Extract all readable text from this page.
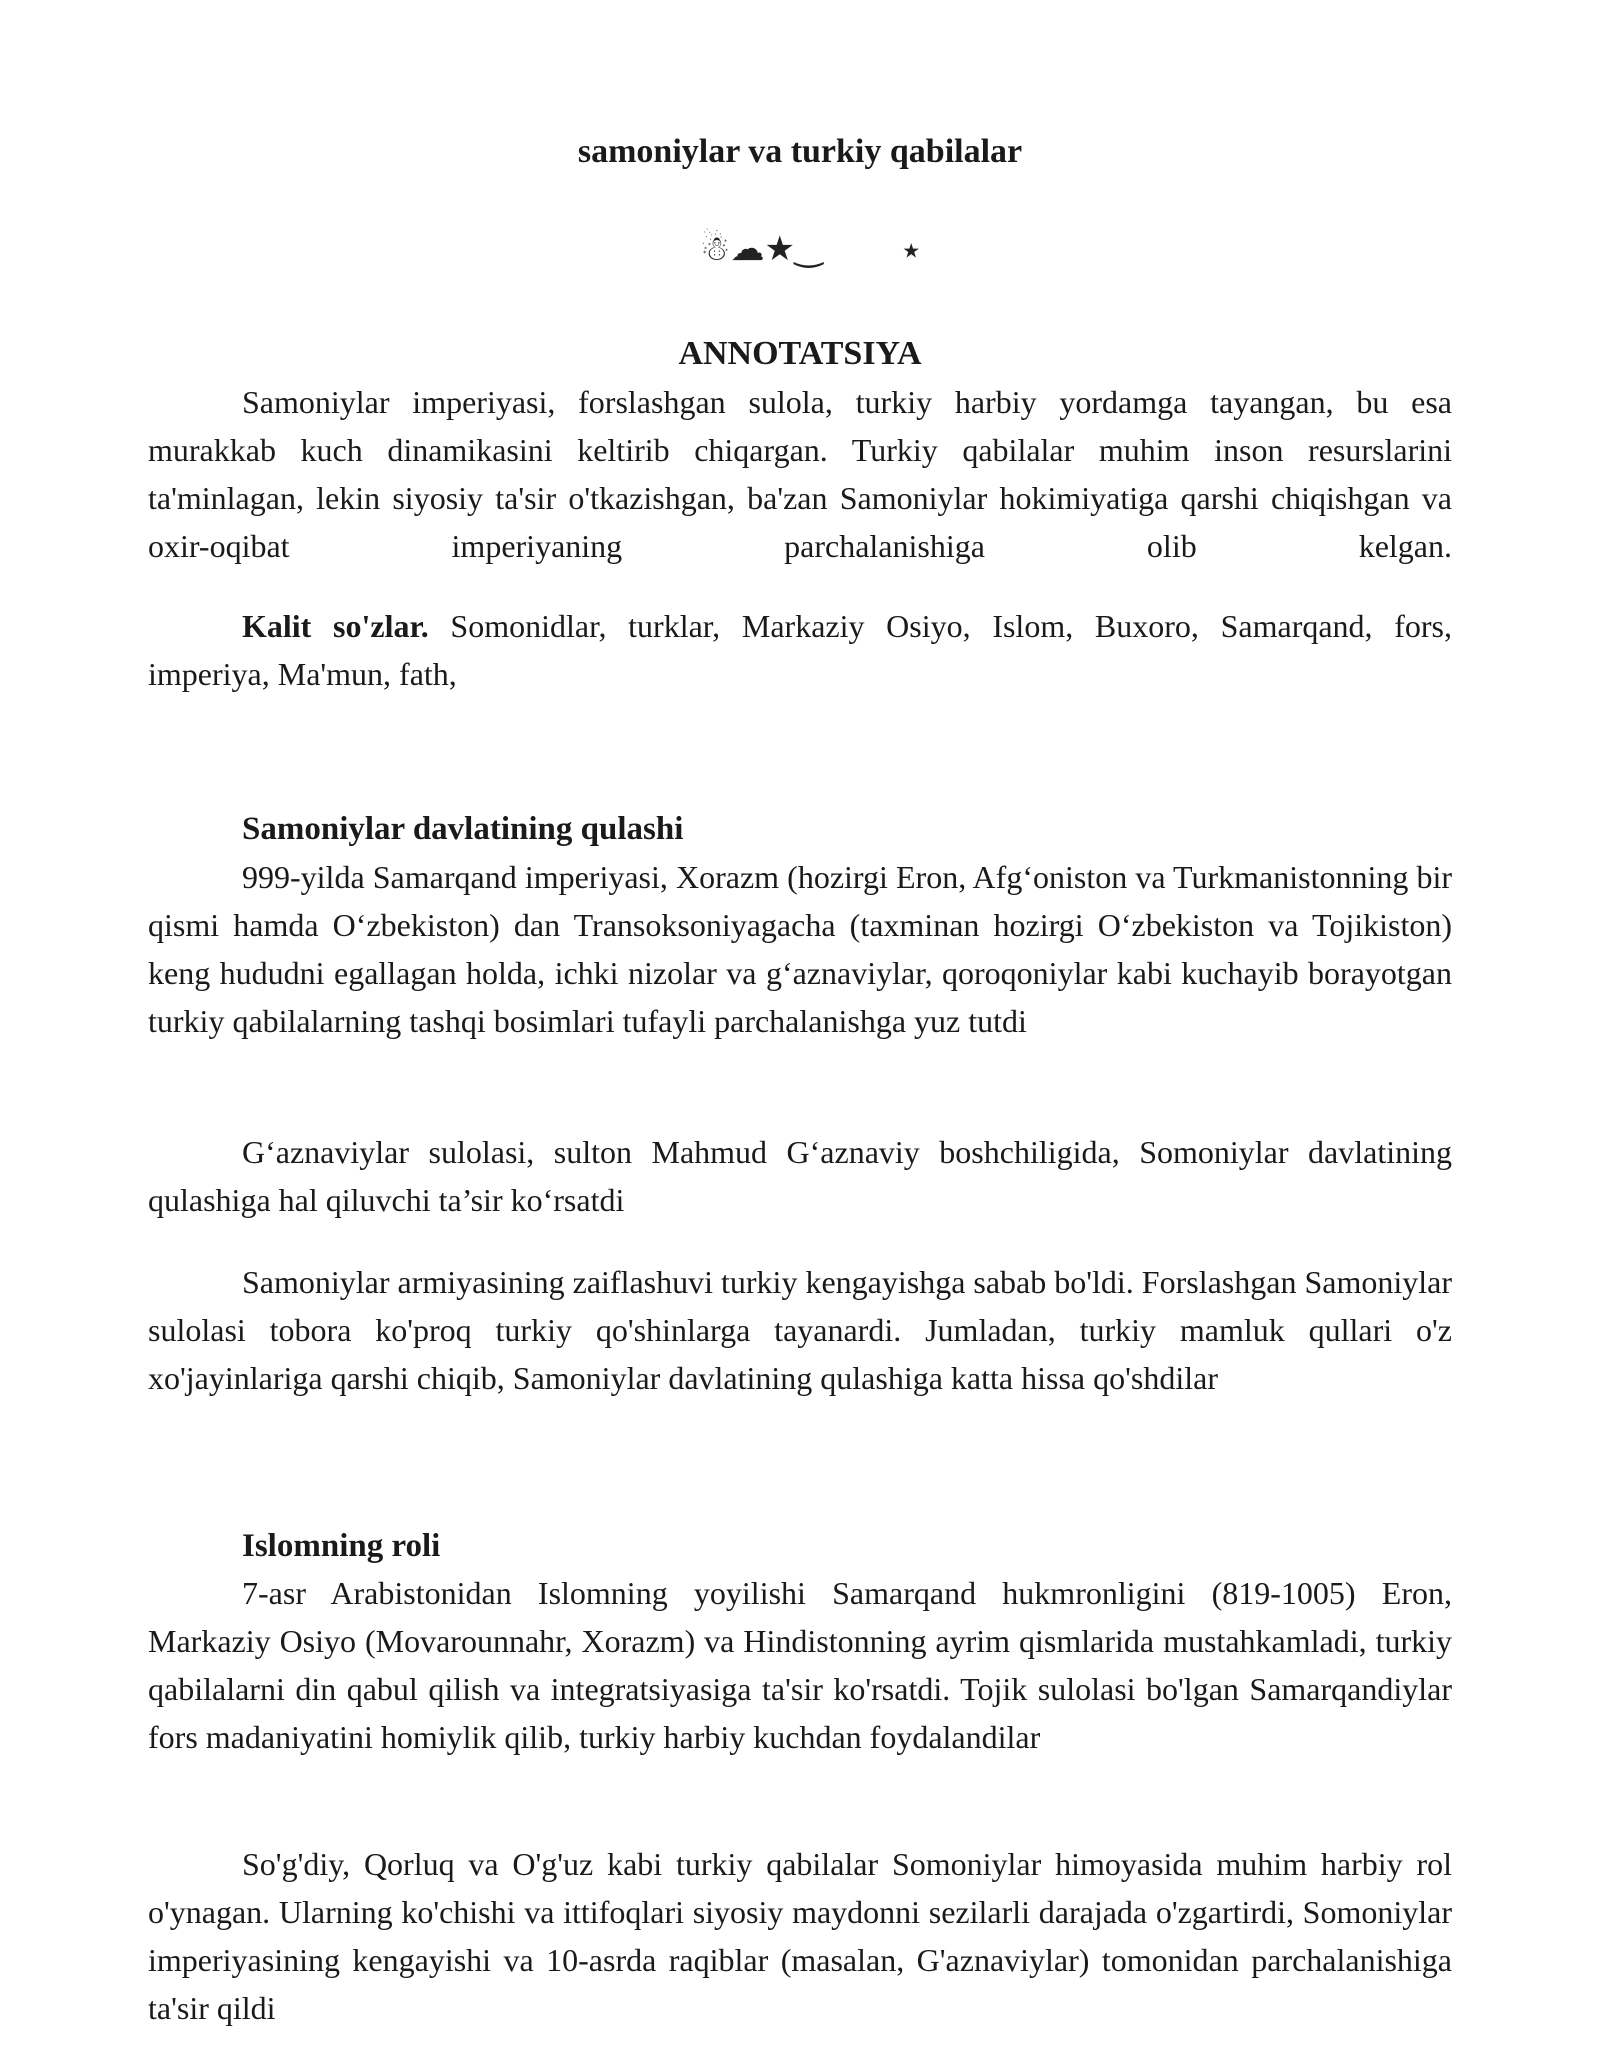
samoniylar va turkiy qabilalar
☃☁★‿	★
ANNOTATSIYA

Samoniylar imperiyasi, forslashgan sulola, turkiy harbiy yordamga tayangan, bu esa murakkab kuch dinamikasini keltirib chiqargan. Turkiy qabilalar muhim inson resurslarini ta'minlagan, lekin siyosiy ta'sir o'tkazishgan, ba'zan Samoniylar hokimiyatiga qarshi chiqishgan va oxir-oqibat imperiyaning parchalanishiga olib kelgan.

Kalit so'zlar. Somonidlar, turklar, Markaziy Osiyo, Islom, Buxoro, Samarqand, fors, imperiya, Ma'mun, fath,

Samoniylar davlatining qulashi

999-yilda Samarqand imperiyasi, Xorazm (hozirgi Eron, Afg‘oniston va Turkmanistonning bir qismi hamda O‘zbekiston) dan Transoksoniyagacha (taxminan hozirgi O‘zbekiston va Tojikiston) keng hududni egallagan holda, ichki nizolar va g‘aznaviylar, qoroqoniylar kabi kuchayib borayotgan turkiy qabilalarning tashqi bosimlari tufayli parchalanishga yuz tutdi

G‘aznaviylar sulolasi, sulton Mahmud G‘aznaviy boshchiligida, Somoniylar davlatining qulashiga hal qiluvchi ta’sir ko‘rsatdi

Samoniylar armiyasining zaiflashuvi turkiy kengayishga sabab bo'ldi. Forslashgan Samoniylar sulolasi tobora ko'proq turkiy qo'shinlarga tayanardi. Jumladan, turkiy mamluk qullari o'z xo'jayinlariga qarshi chiqib, Samoniylar davlatining qulashiga katta hissa qo'shdilar

Islomning roli

7-asr Arabistonidan Islomning yoyilishi Samarqand hukmronligini (819-1005) Eron, Markaziy Osiyo (Movarounnahr, Xorazm) va Hindistonning ayrim qismlarida mustahkamladi, turkiy qabilalarni din qabul qilish va integratsiyasiga ta'sir ko'rsatdi. Tojik sulolasi bo'lgan Samarqandiylar fors madaniyatini homiylik qilib, turkiy harbiy kuchdan foydalandilar

So'g'diy, Qorluq va O'g'uz kabi turkiy qabilalar Somoniylar himoyasida muhim harbiy rol o'ynagan. Ularning ko'chishi va ittifoqlari siyosiy maydonni sezilarli darajada o'zgartirdi, Somoniylar imperiyasining kengayishi va 10-asrda raqiblar (masalan, G'aznaviylar) tomonidan parchalanishiga ta'sir qildi
